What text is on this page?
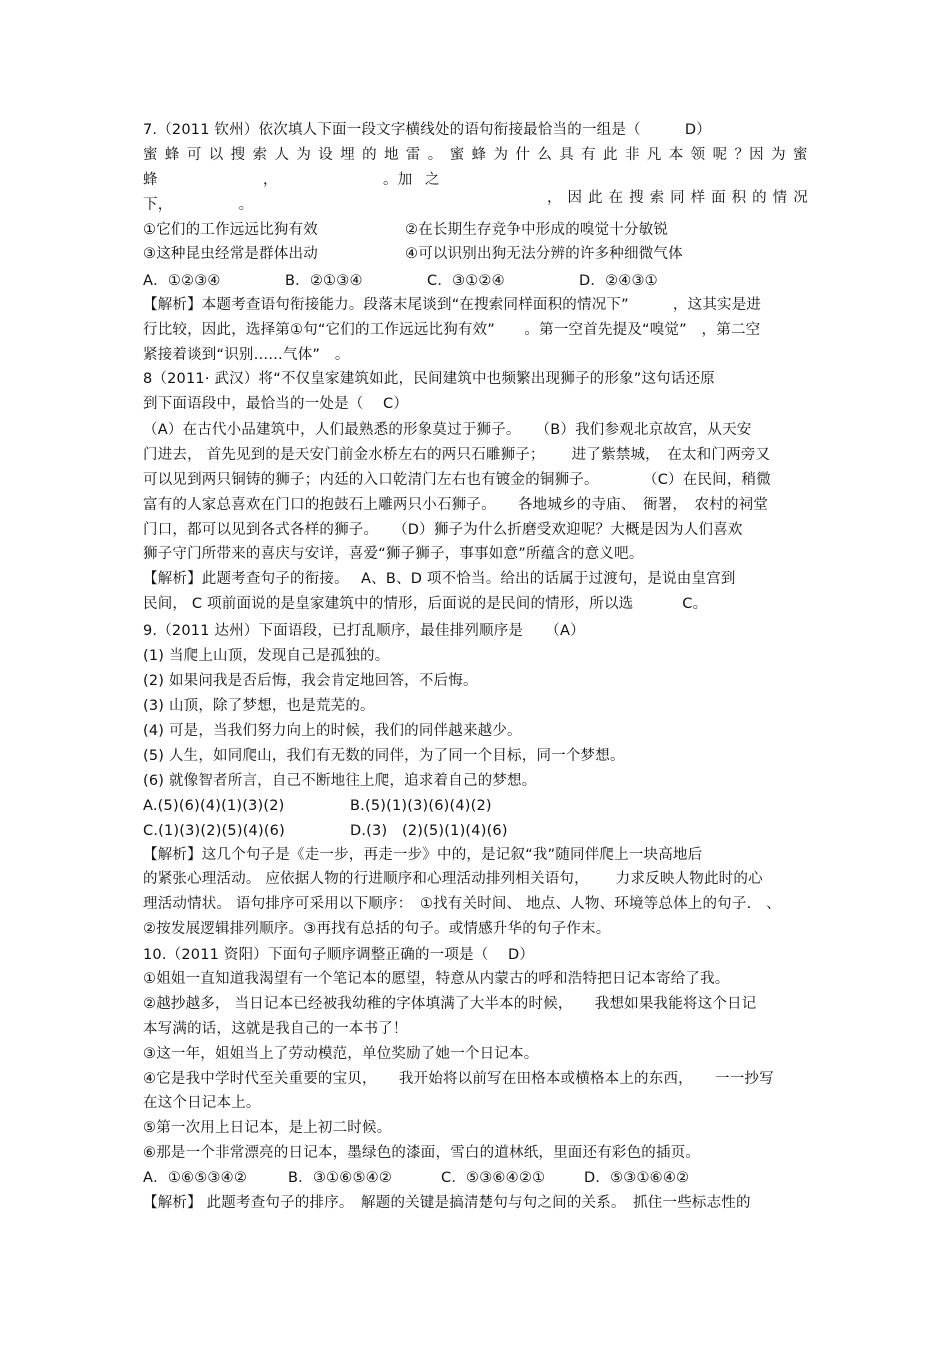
7.（2011 钦州）依次填人下面一段文字横线处的语句衔接最恰当的一组是（　　　D）
蜜 蜂 可 以 搜 索 人 为 设 埋 的 地 雷 。 蜜 蜂 为 什 么 具 有 此 非 凡 本 领 呢 ？因 为 蜜
蜂	，	。加 之
， 因 此 在 搜 索 同 样 面 积 的 情 况
下，　　　　　。
①它们的工作远远比狗有效	②在长期生存竞争中形成的嗅觉十分敏锐
③这种昆虫经常是群体出动	④可以识别出狗无法分辨的许多种细微气体
A．①②③④	B．②①③④	C．③①②④	D．②④③①
【解析】本题考查语句衔接能力。段落末尾谈到“在搜索同样面积的情况下”　　　，这其实是进
行比较，因此，选择第①句“它们的工作远远比狗有效”　　。第一空首先提及“嗅觉”　，第二空
紧接着谈到“识别……气体”　。
8（2011· 武汉）将“不仅皇家建筑如此，民间建筑中也频繁出现狮子的形象”这句话还原
到下面语段中，最恰当的一处是（　 C）
（A）在古代小品建筑中，人们最熟悉的形象莫过于狮子。　　（B）我们参观北京故宫，从天安
门进去， 首先见到的是天安门前金水桥左右的两只石雕狮子；　　 进了紫禁城，　在太和门两旁又
可以见到两只铜铸的狮子；内廷的入口乾清门左右也有镀金的铜狮子。　　　　（C）在民间，稍微
富有的人家总喜欢在门口的抱鼓石上雕两只小石狮子。　　各地城乡的寺庙、　衙署，　农村的祠堂
门口，都可以见到各式各样的狮子。　　（D）狮子为什么折磨受欢迎呢？大概是因为人们喜欢
狮子守门所带来的喜庆与安详，喜爱“狮子狮子，事事如意”所蕴含的意义吧。
【解析】此题考查句子的衔接。　 A、B、D 项不恰当。给出的话属于过渡句，是说由皇宫到
民间， C 项前面说的是皇家建筑中的情形，后面说的是民间的情形，所以选　　　 C。
9.（2011 达州）下面语段，已打乱顺序，最佳排列顺序是　　（A）
(1) 当爬上山顶，发现自己是孤独的。
(2) 如果问我是否后悔，我会肯定地回答，不后悔。
(3) 山顶，除了梦想，也是荒芜的。
(4) 可是，当我们努力向上的时候，我们的同伴越来越少。
(5) 人生，如同爬山，我们有无数的同伴，为了同一个目标，同一个梦想。
(6) 就像智者所言，自己不断地往上爬，追求着自己的梦想。
A.(5)(6)(4)(1)(3)(2)	B.(5)(1)(3)(6)(4)(2)
C.(1)(3)(2)(5)(4)(6)	D.(3)　(2)(5)(1)(4)(6)
【解析】这几个句子是《走一步，再走一步》中的，是记叙“我”随同伴爬上一块高地后
的紧张心理活动。 应依据人物的行进顺序和心理活动排列相关语句，　　 力求反映人物此时的心
理活动情状。 语句排序可采用以下顺序：　①找有关时间、 地点、人物、环境等总体上的句子.　、
②按发展逻辑排列顺序。③再找有总括的句子。或情感升华的句子作末。
10.（2011 资阳）下面句子顺序调整正确的一项是（　 D）
①姐姐一直知道我渴望有一个笔记本的愿望，特意从内蒙古的呼和浩特把日记本寄给了我。
②越抄越多， 当日记本已经被我幼稚的字体填满了大半本的时候，　　我想如果我能将这个日记
本写满的话，这就是我自己的一本书了！
③这一年，姐姐当上了劳动模范，单位奖励了她一个日记本。
④它是我中学时代至关重要的宝贝，　　我开始将以前写在田格本或横格本上的东西，　　一一抄写
在这个日记本上。
⑤第一次用上日记本，是上初二时候。
⑥那是一个非常漂亮的日记本，墨绿色的漆面，雪白的道林纸，里面还有彩色的插页。
A．①⑥⑤③④②	B．③①⑥⑤④②	C．⑤③⑥④②①	D．⑤③①⑥④②
【解析】 此题考查句子的排序。　解题的关键是搞清楚句与句之间的关系。　抓住一些标志性的
